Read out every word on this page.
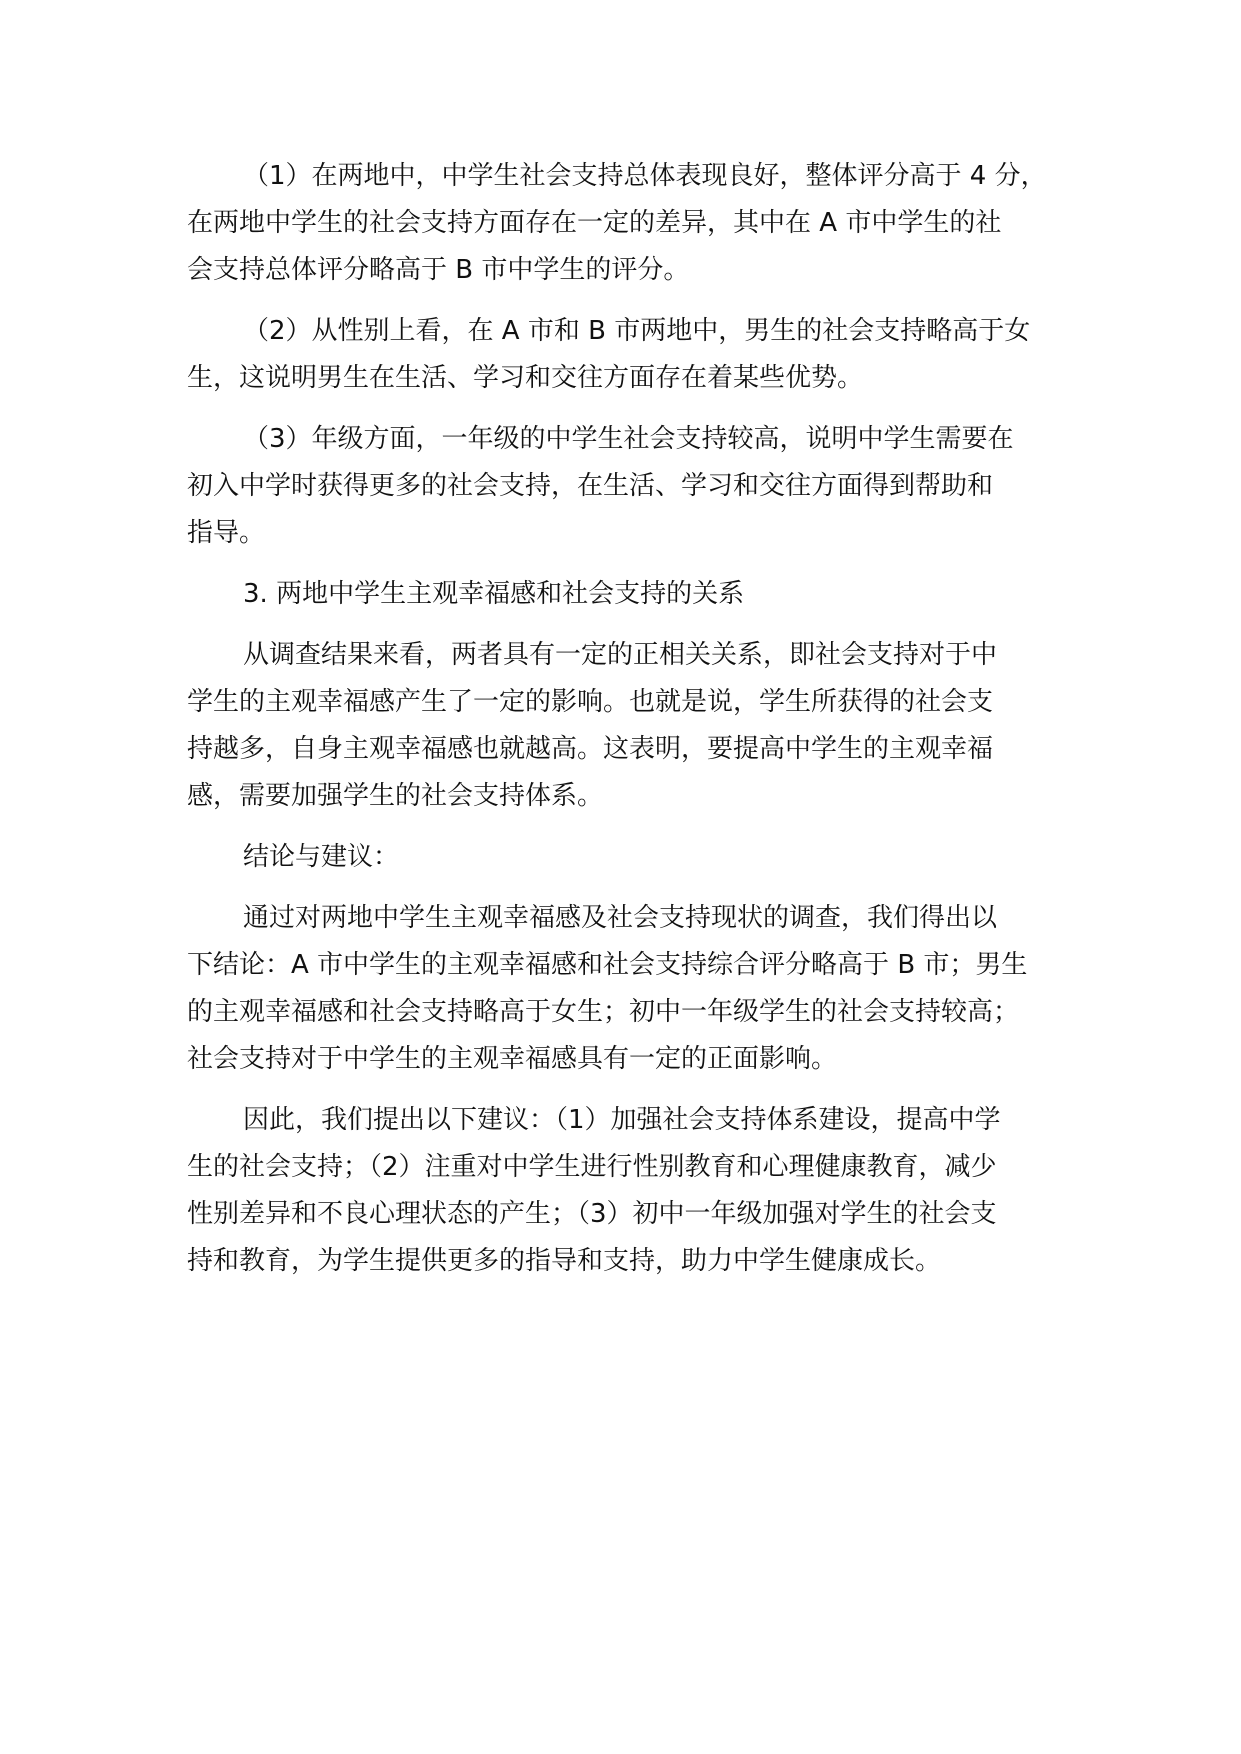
（1）在两地中，中学生社会支持总体表现良好，整体评分高于 4 分，
在两地中学生的社会支持方面存在一定的差异，其中在 A 市中学生的社
会支持总体评分略高于 B 市中学生的评分。

（2）从性别上看，在 A 市和 B 市两地中，男生的社会支持略高于女
生，这说明男生在生活、学习和交往方面存在着某些优势。

（3）年级方面，一年级的中学生社会支持较高，说明中学生需要在
初入中学时获得更多的社会支持，在生活、学习和交往方面得到帮助和
指导。

3. 两地中学生主观幸福感和社会支持的关系

从调查结果来看，两者具有一定的正相关关系，即社会支持对于中
学生的主观幸福感产生了一定的影响。也就是说，学生所获得的社会支
持越多，自身主观幸福感也就越高。这表明，要提高中学生的主观幸福
感，需要加强学生的社会支持体系。

结论与建议：

通过对两地中学生主观幸福感及社会支持现状的调查，我们得出以
下结论：A 市中学生的主观幸福感和社会支持综合评分略高于 B 市；男生
的主观幸福感和社会支持略高于女生；初中一年级学生的社会支持较高；
社会支持对于中学生的主观幸福感具有一定的正面影响。

因此，我们提出以下建议：（1）加强社会支持体系建设，提高中学
生的社会支持；（2）注重对中学生进行性别教育和心理健康教育，减少
性别差异和不良心理状态的产生；（3）初中一年级加强对学生的社会支
持和教育，为学生提供更多的指导和支持，助力中学生健康成长。
